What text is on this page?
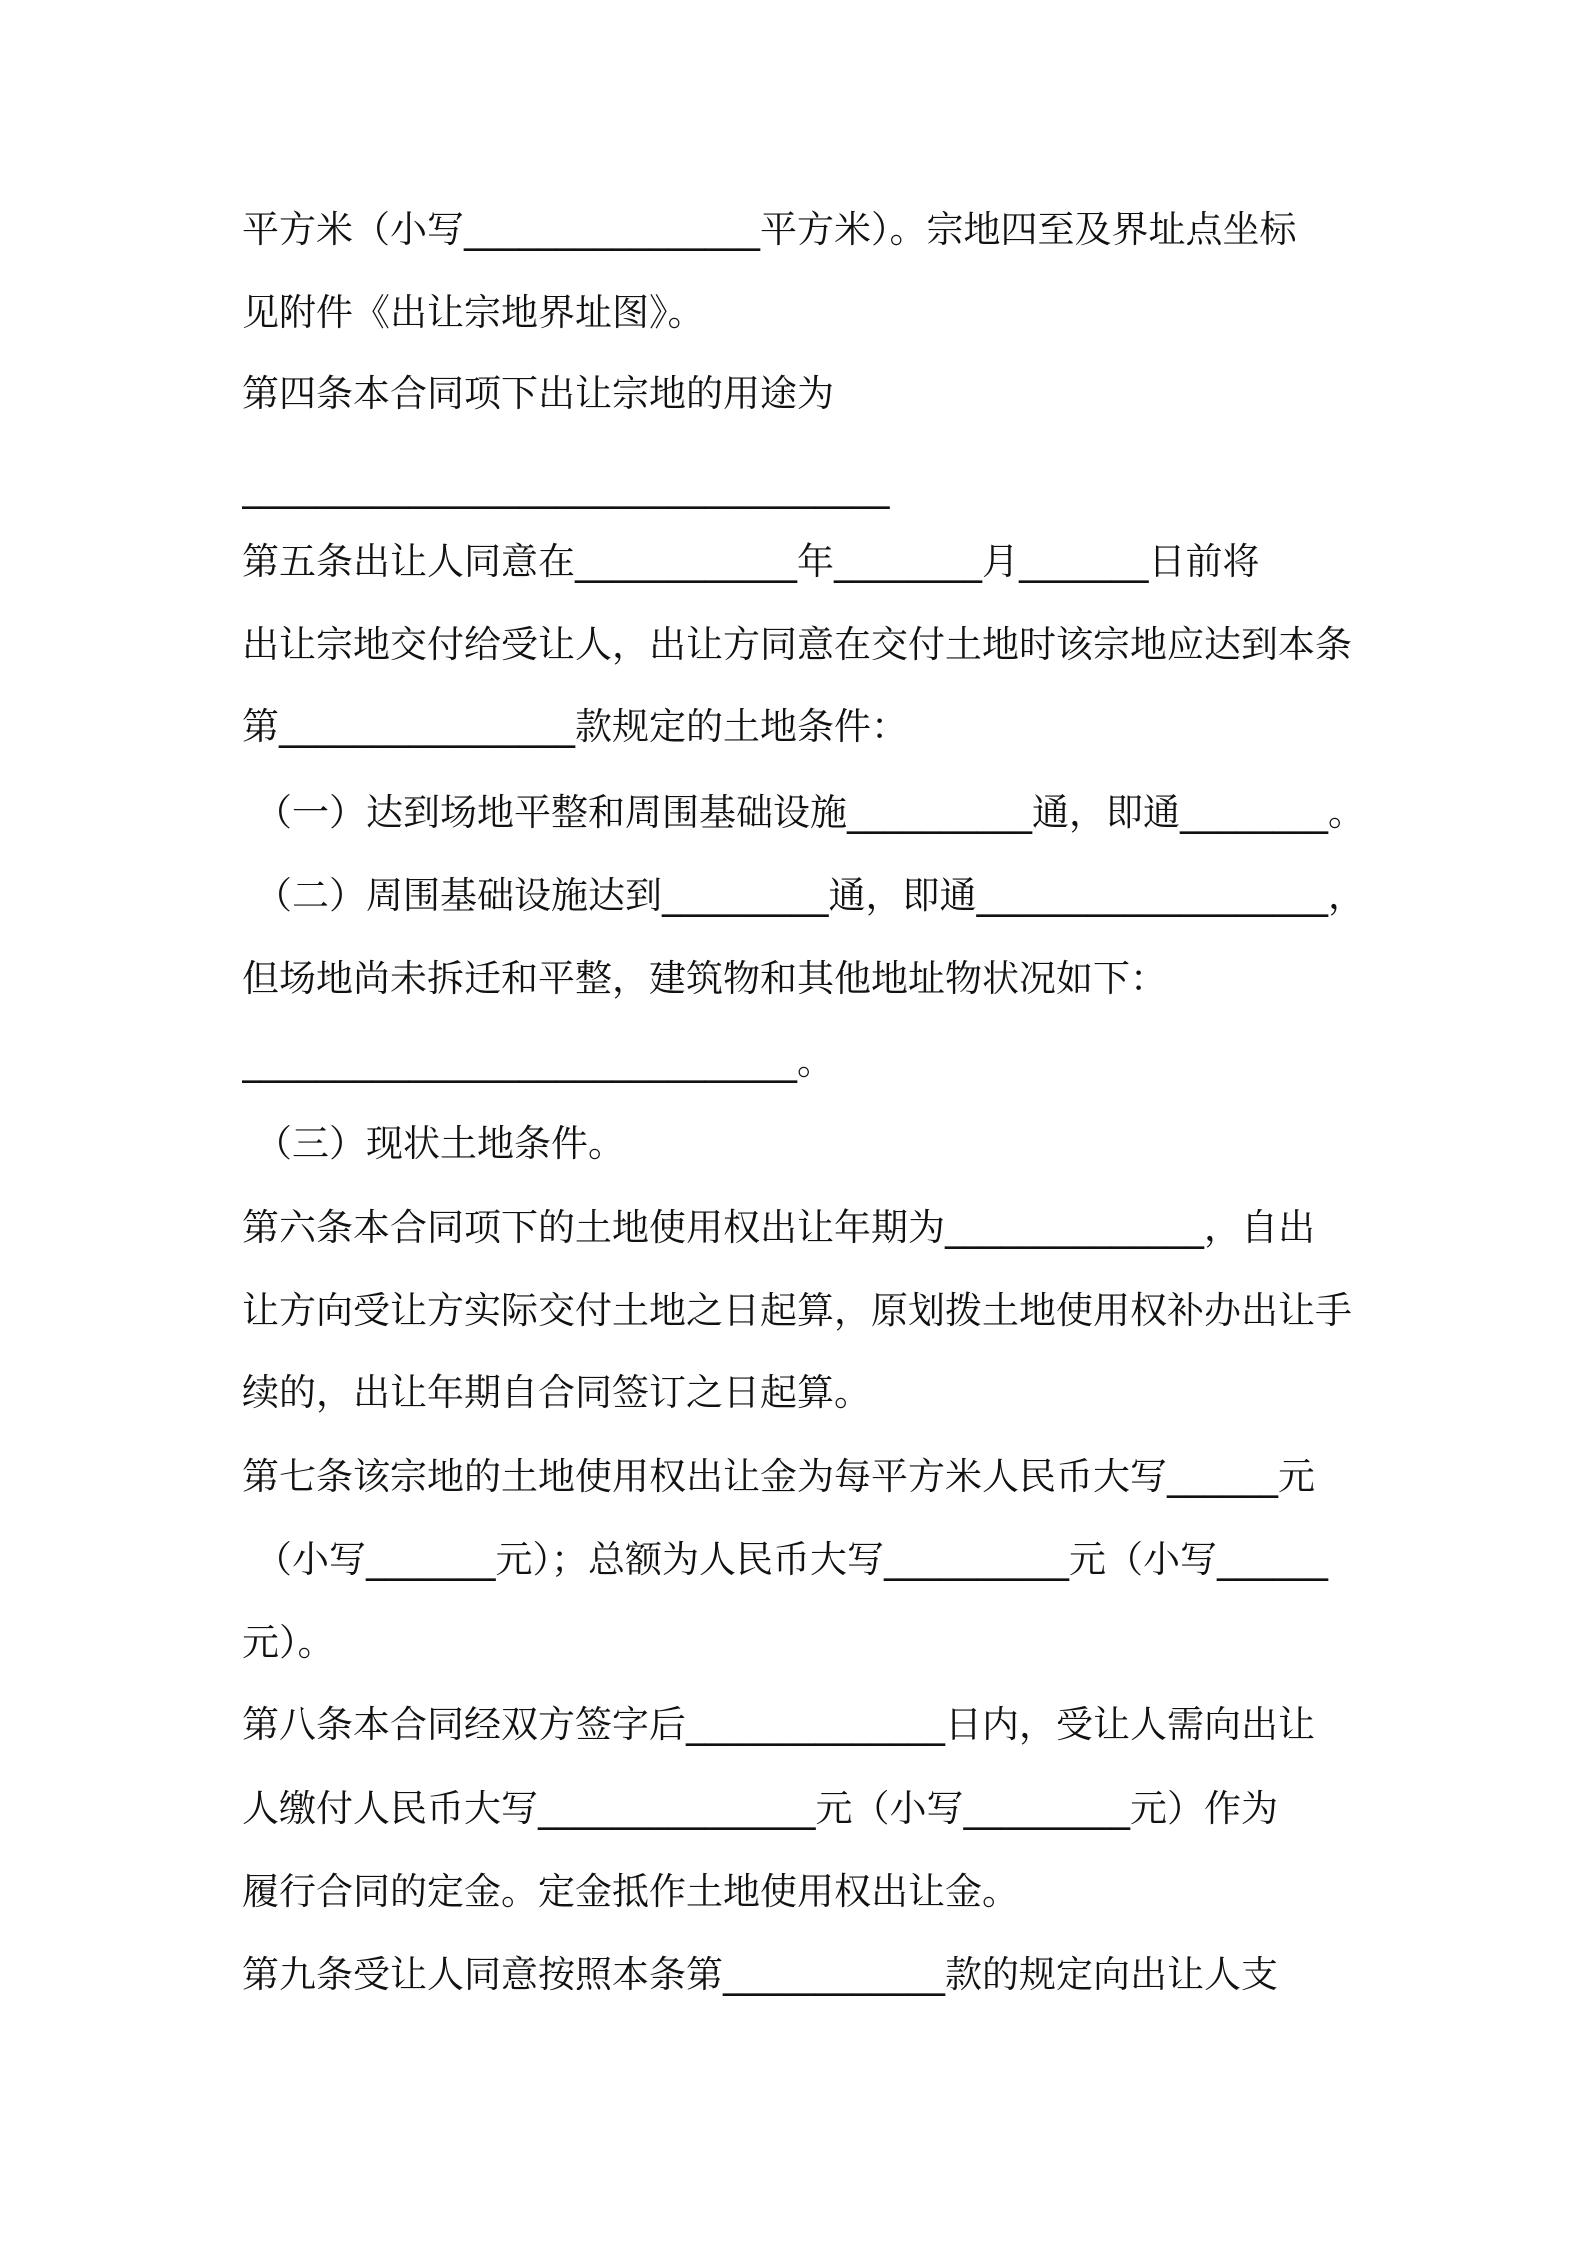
平方米（小写________________平方米）。宗地四至及界址点坐标
见附件《出让宗地界址图》。
第四条本合同项下出让宗地的用途为
___________________________________
第五条出让人同意在____________年________月_______日前将
出让宗地交付给受让人，出让方同意在交付土地时该宗地应达到本条
第________________款规定的土地条件：
（一）达到场地平整和周围基础设施__________通，即通________。
（二）周围基础设施达到_________通，即通___________________，
但场地尚未拆迁和平整，建筑物和其他地址物状况如下：
______________________________。
（三）现状土地条件。
第六条本合同项下的土地使用权出让年期为______________，自出
让方向受让方实际交付土地之日起算，原划拨土地使用权补办出让手
续的，出让年期自合同签订之日起算。
第七条该宗地的土地使用权出让金为每平方米人民币大写______元
（小写_______元）；总额为人民币大写__________元（小写______
元）。
第八条本合同经双方签字后______________日内，受让人需向出让
人缴付人民币大写_______________元（小写_________元）作为
履行合同的定金。定金抵作土地使用权出让金。
第九条受让人同意按照本条第____________款的规定向出让人支
